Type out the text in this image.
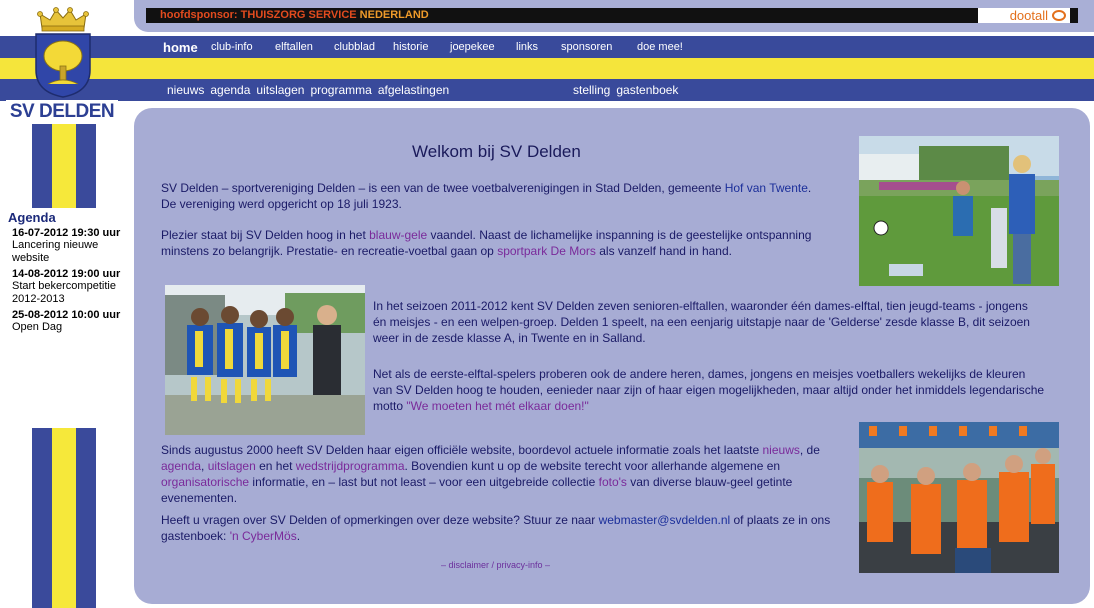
hoofdsponsor: THUISZORG SERVICE NEDERLAND	dootall
home	club-info	elftallen	clubblad	historie	joepekee	links	sponsoren	doe mee!
nieuws agenda uitslagen programma afgelastingen	stelling gastenboek
SV DELDEN
Agenda
16-07-2012 19:30 uur
Lancering nieuwe website
14-08-2012 19:00 uur
Start bekercompetitie 2012-2013
25-08-2012 10:00 uur
Open Dag
Welkom bij SV Delden

SV Delden – sportvereniging Delden – is een van de twee voetbalverenigingen in Stad Delden, gemeente Hof van Twente. De vereniging werd opgericht op 18 juli 1923.

Plezier staat bij SV Delden hoog in het blauw-gele vaandel. Naast de lichamelijke inspanning is de geestelijke ontspanning minstens zo belangrijk. Prestatie- en recreatie-voetbal gaan op sportpark De Mors als vanzelf hand in hand.

In het seizoen 2011-2012 kent SV Delden zeven senioren-elftallen, waaronder één dames-elftal, tien jeugd-teams - jongens én meisjes - en een welpen-groep. Delden 1 speelt, na een eenjarig uitstapje naar de 'Gelderse' zesde klasse B, dit seizoen weer in de zesde klasse A, in Twente en in Salland.

Net als de eerste-elftal-spelers proberen ook de andere heren, dames, jongens en meisjes voetballers wekelijks de kleuren van SV Delden hoog te houden, eenieder naar zijn of haar eigen mogelijkheden, maar altijd onder het inmiddels legendarische motto "We moeten het mét elkaar doen!"

Sinds augustus 2000 heeft SV Delden haar eigen officiële website, boordevol actuele informatie zoals het laatste nieuws, de agenda, uitslagen en het wedstrijdprogramma. Bovendien kunt u op de website terecht voor allerhande algemene en organisatorische informatie, en – last but not least – voor een uitgebreide collectie foto's van diverse blauw-geel getinte evenementen.

Heeft u vragen over SV Delden of opmerkingen over deze website? Stuur ze naar webmaster@svdelden.nl of plaats ze in ons gastenboek: 'n CyberMös.

– disclaimer / privacy-info –
